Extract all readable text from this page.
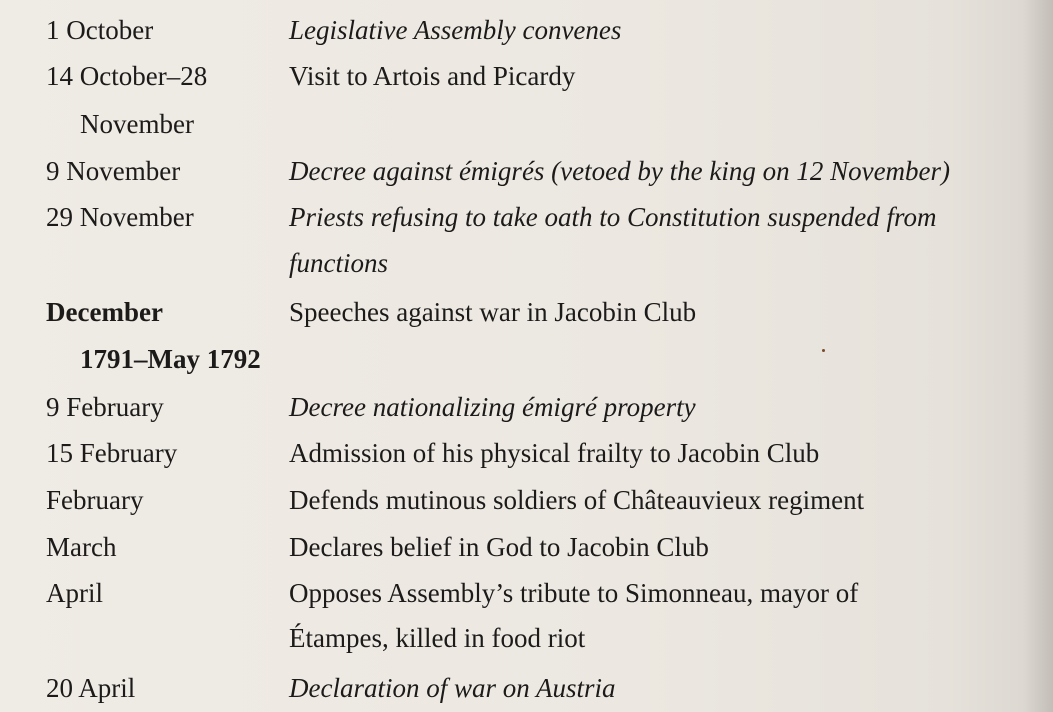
1 October	Legislative Assembly convenes
14 October–28	Visit to Artois and Picardy
November
9 November	Decree against émigrés (vetoed by the king on 12 November)
29 November	Priests refusing to take oath to Constitution suspended from
functions
December	Speeches against war in Jacobin Club
1791–May 1792
9 February	Decree nationalizing émigré property
15 February	Admission of his physical frailty to Jacobin Club
February	Defends mutinous soldiers of Châteauvieux regiment
March	Declares belief in God to Jacobin Club
April	Opposes Assembly’s tribute to Simonneau, mayor of
Étampes, killed in food riot
20 April	Declaration of war on Austria
